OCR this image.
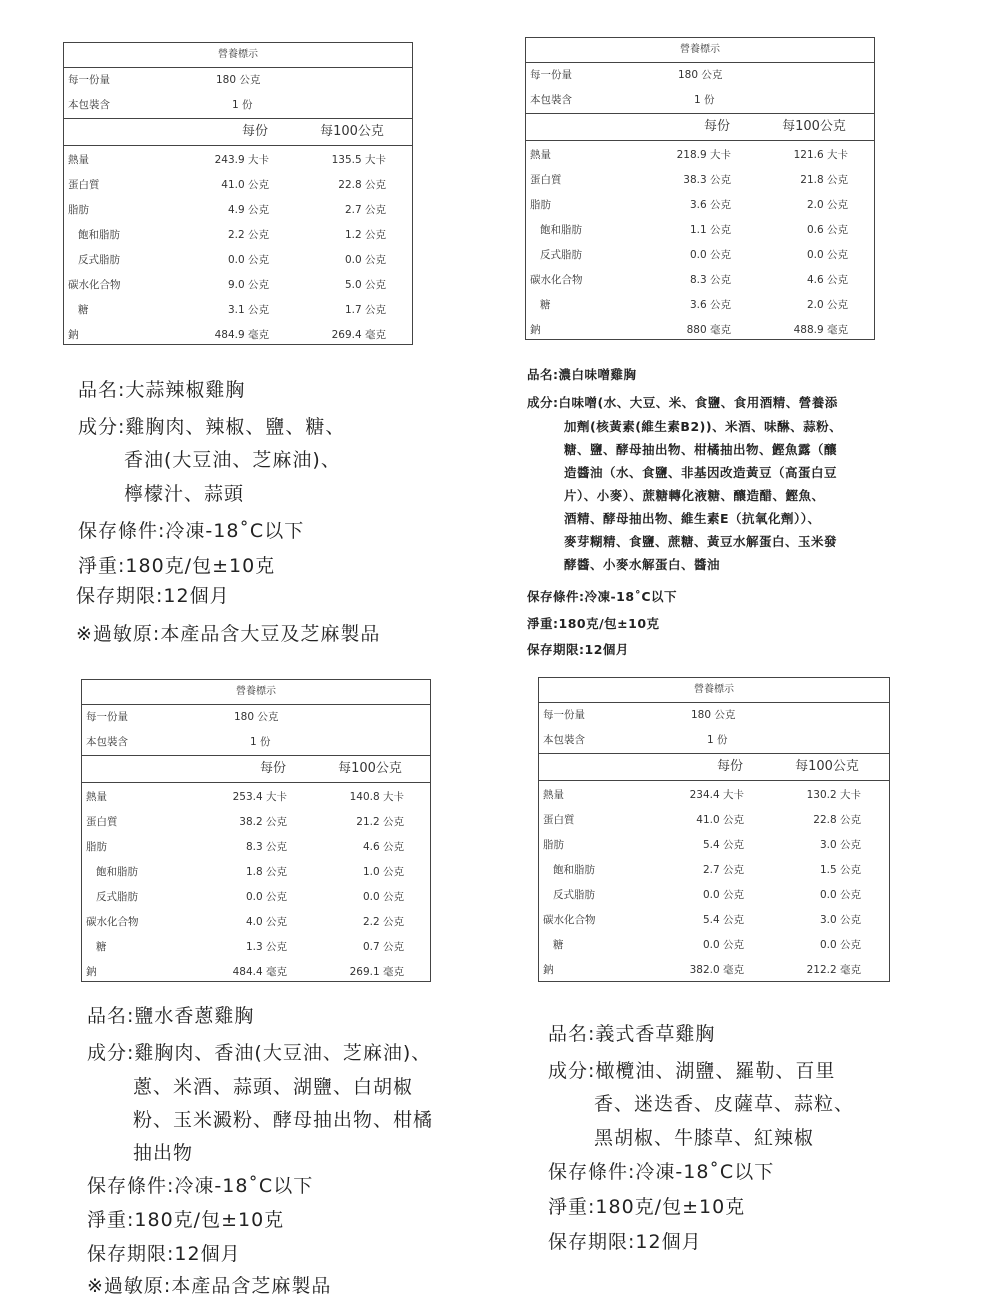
營養標示
每一份量	180 公克
本包裝含	1 份
每份	每100公克
熱量	243.9 大卡	135.5 大卡
蛋白質	41.0 公克	22.8 公克
脂肪	4.9 公克	2.7 公克
飽和脂肪	2.2 公克	1.2 公克
反式脂肪	0.0 公克	0.0 公克
碳水化合物	9.0 公克	5.0 公克
糖	3.1 公克	1.7 公克
鈉	484.9 毫克	269.4 毫克
品名:大蒜辣椒雞胸
成分:雞胸肉、辣椒、鹽、糖、
香油(大豆油、芝麻油)、
檸檬汁、蒜頭
保存條件:冷凍-18˚C以下
淨重:180克/包±10克
保存期限:12個月
※過敏原:本產品含大豆及芝麻製品
營養標示
每一份量	180 公克
本包裝含	1 份
每份	每100公克
熱量	218.9 大卡	121.6 大卡
蛋白質	38.3 公克	21.8 公克
脂肪	3.6 公克	2.0 公克
飽和脂肪	1.1 公克	0.6 公克
反式脂肪	0.0 公克	0.0 公克
碳水化合物	8.3 公克	4.6 公克
糖	3.6 公克	2.0 公克
鈉	880 毫克	488.9 毫克
品名:濃白味噌雞胸
成分:白味噌(水、大豆、米、食鹽、食用酒精、營養添
加劑(核黃素(維生素B2))、米酒、味醂、蒜粉、
糖、鹽、酵母抽出物、柑橘抽出物、鰹魚露（釀
造醬油（水、食鹽、非基因改造黃豆（高蛋白豆
片）、小麥）、蔗糖轉化液糖、釀造醋、鰹魚、
酒精、酵母抽出物、維生素E（抗氧化劑））、
麥芽糊精、食鹽、蔗糖、黃豆水解蛋白、玉米發
酵醬、小麥水解蛋白、醬油
保存條件:冷凍-18˚C以下
淨重:180克/包±10克
保存期限:12個月
營養標示
每一份量	180 公克
本包裝含	1 份
每份	每100公克
熱量	253.4 大卡	140.8 大卡
蛋白質	38.2 公克	21.2 公克
脂肪	8.3 公克	4.6 公克
飽和脂肪	1.8 公克	1.0 公克
反式脂肪	0.0 公克	0.0 公克
碳水化合物	4.0 公克	2.2 公克
糖	1.3 公克	0.7 公克
鈉	484.4 毫克	269.1 毫克
品名:鹽水香蔥雞胸
成分:雞胸肉、香油(大豆油、芝麻油)、
蔥、米酒、蒜頭、湖鹽、白胡椒
粉、玉米澱粉、酵母抽出物、柑橘
抽出物
保存條件:冷凍-18˚C以下
淨重:180克/包±10克
保存期限:12個月
※過敏原:本產品含芝麻製品
營養標示
每一份量	180 公克
本包裝含	1 份
每份	每100公克
熱量	234.4 大卡	130.2 大卡
蛋白質	41.0 公克	22.8 公克
脂肪	5.4 公克	3.0 公克
飽和脂肪	2.7 公克	1.5 公克
反式脂肪	0.0 公克	0.0 公克
碳水化合物	5.4 公克	3.0 公克
糖	0.0 公克	0.0 公克
鈉	382.0 毫克	212.2 毫克
品名:義式香草雞胸
成分:橄欖油、湖鹽、羅勒、百里
香、迷迭香、皮薩草、蒜粒、
黑胡椒、牛膝草、紅辣椒
保存條件:冷凍-18˚C以下
淨重:180克/包±10克
保存期限:12個月
